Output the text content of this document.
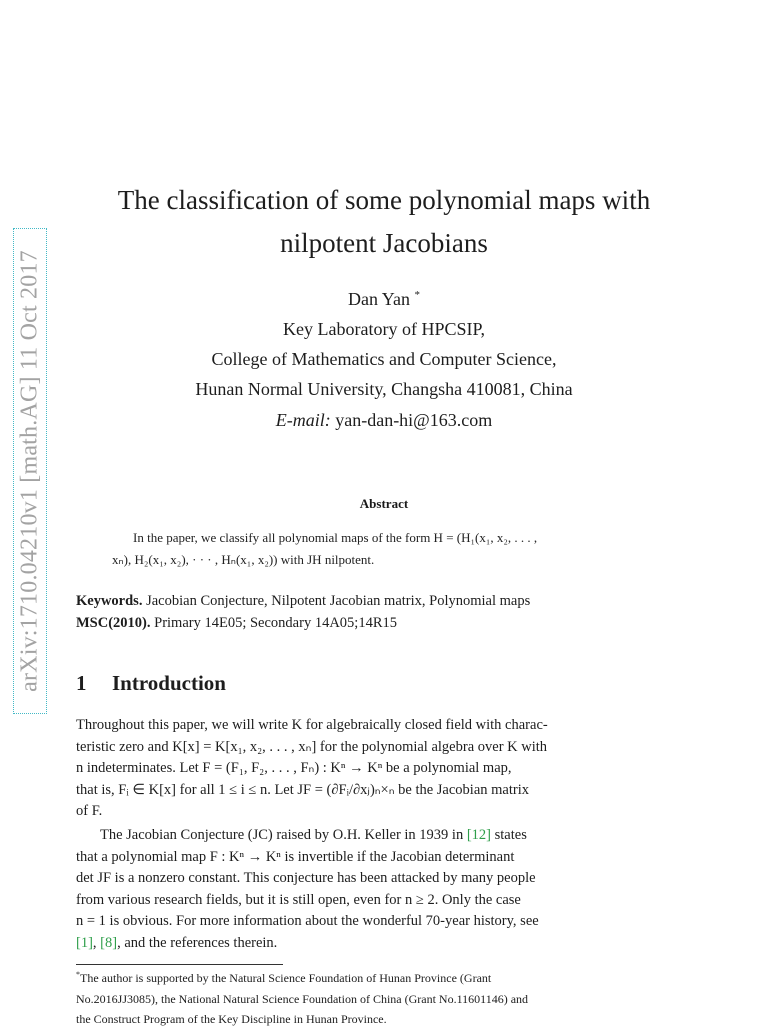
arXiv:1710.04210v1 [math.AG] 11 Oct 2017
The classification of some polynomial maps with
nilpotent Jacobians
Dan Yan *
Key Laboratory of HPCSIP,
College of Mathematics and Computer Science,
Hunan Normal University, Changsha 410081, China
E-mail: yan-dan-hi@163.com
Abstract
In the paper, we classify all polynomial maps of the form H = (H₁(x₁, x₂, . . . ,
xₙ), H₂(x₁, x₂), · · · , Hₙ(x₁, x₂)) with JH nilpotent.
Keywords. Jacobian Conjecture, Nilpotent Jacobian matrix, Polynomial maps
MSC(2010). Primary 14E05; Secondary 14A05;14R15
1 Introduction
Throughout this paper, we will write K for algebraically closed field with charac-
teristic zero and K[x] = K[x₁, x₂, . . . , xₙ] for the polynomial algebra over K with
n indeterminates. Let F = (F₁, F₂, . . . , Fₙ) : Kⁿ → Kⁿ be a polynomial map,
that is, Fᵢ ∈ K[x] for all 1 ≤ i ≤ n. Let JF = (∂Fᵢ/∂xⱼ)ₙ×ₙ be the Jacobian matrix
of F.
The Jacobian Conjecture (JC) raised by O.H. Keller in 1939 in [12] states
that a polynomial map F : Kⁿ → Kⁿ is invertible if the Jacobian determinant
det JF is a nonzero constant. This conjecture has been attacked by many people
from various research fields, but it is still open, even for n ≥ 2. Only the case
n = 1 is obvious. For more information about the wonderful 70-year history, see
[1], [8], and the references therein.
*The author is supported by the Natural Science Foundation of Hunan Province (Grant
No.2016JJ3085), the National Natural Science Foundation of China (Grant No.11601146) and
the Construct Program of the Key Discipline in Hunan Province.
